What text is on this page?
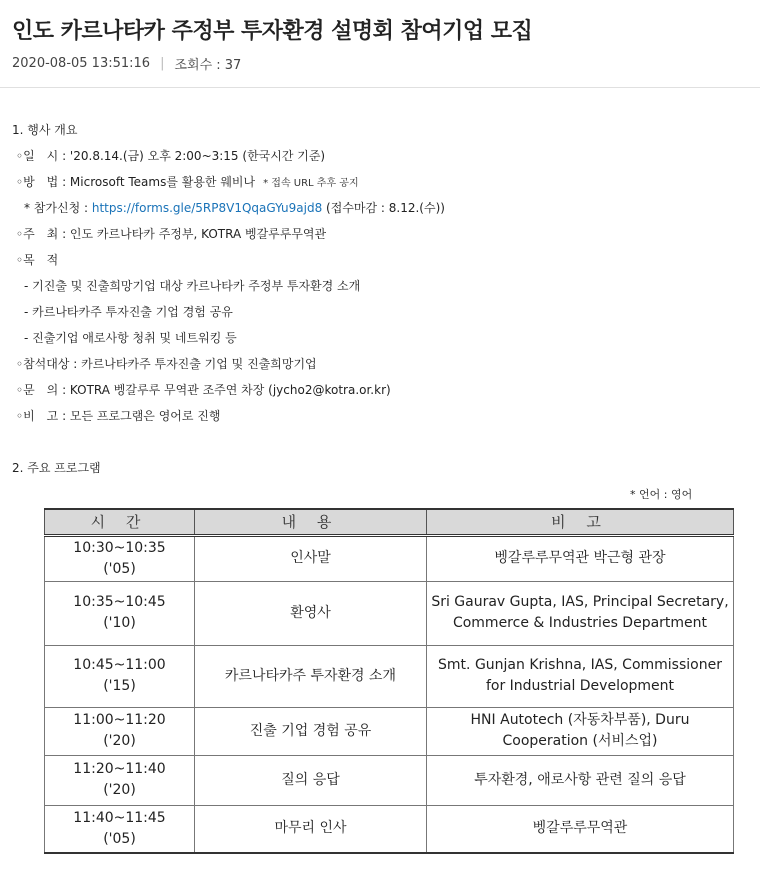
인도 카르나타카 주정부 투자환경 설명회 참여기업 모집
2020-08-05 13:51:16 | 조회수 : 37
1. 행사 개요
◦일　시 : '20.8.14.(금) 오후 2:00~3:15 (한국시간 기준)
◦방　법 : Microsoft Teams를 활용한 웨비나 * 접속 URL 추후 공지
* 참가신청 : https://forms.gle/5RP8V1QqaGYu9ajd8 (접수마감 : 8.12.(수))
◦주　최 : 인도 카르나타카 주정부, KOTRA 벵갈루루무역관
◦목　적
- 기진출 및 진출희망기업 대상 카르나타카 주정부 투자환경 소개
- 카르나타카주 투자진출 기업 경험 공유
- 진출기업 애로사항 청취 및 네트워킹 등
◦참석대상 : 카르나타카주 투자진출 기업 및 진출희망기업
◦문　의 : KOTRA 벵갈루루 무역관 조주연 차장 (jycho2@kotra.or.kr)
◦비　고 : 모든 프로그램은 영어로 진행
2. 주요 프로그램
* 언어 : 영어
시 간	내 용	비 고

10:30~10:35
('05)	인사말	벵갈루루무역관 박근형 관장

10:35~10:45
('10)	환영사	Sri Gaurav Gupta, IAS, Principal Secretary, Commerce & Industries Department

10:45~11:00
('15)	카르나타카주 투자환경 소개	Smt. Gunjan Krishna, IAS, Commissioner for Industrial Development

11:00~11:20
('20)	진출 기업 경험 공유	HNI Autotech (자동차부품), Duru Cooperation (서비스업)

11:20~11:40
('20)	질의 응답	투자환경, 애로사항 관련 질의 응답

11:40~11:45
('05)	마무리 인사	벵갈루루무역관
